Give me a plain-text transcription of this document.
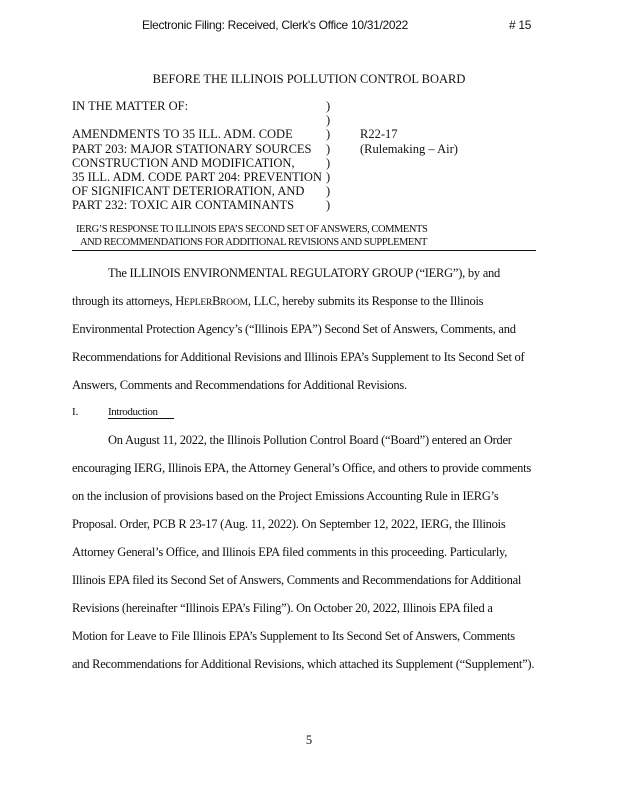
Electronic Filing: Received, Clerk's Office 10/31/2022	# 15
BEFORE THE ILLINOIS POLLUTION CONTROL BOARD
IN THE MATTER OF:
AMENDMENTS TO 35 ILL. ADM. CODE
PART 203: MAJOR STATIONARY SOURCES
CONSTRUCTION AND MODIFICATION,
35 ILL. ADM. CODE PART 204: PREVENTION
OF SIGNIFICANT DETERIORATION, AND
PART 232: TOXIC AIR CONTAMINANTS
)
)
)
)
)
)
)
)
R22-17
(Rulemaking – Air)
IERG’S RESPONSE TO ILLINOIS EPA’S SECOND SET OF ANSWERS, COMMENTS
AND RECOMMENDATIONS FOR ADDITIONAL REVISIONS AND SUPPLEMENT
The ILLINOIS ENVIRONMENTAL REGULATORY GROUP (“IERG”), by and
through its attorneys, HEPLERBROOM, LLC, hereby submits its Response to the Illinois
Environmental Protection Agency’s (“Illinois EPA”) Second Set of Answers, Comments, and
Recommendations for Additional Revisions and Illinois EPA’s Supplement to Its Second Set of
Answers, Comments and Recommendations for Additional Revisions.
I.	Introduction
On August 11, 2022, the Illinois Pollution Control Board (“Board”) entered an Order
encouraging IERG, Illinois EPA, the Attorney General’s Office, and others to provide comments
on the inclusion of provisions based on the Project Emissions Accounting Rule in IERG’s
Proposal. Order, PCB R 23-17 (Aug. 11, 2022). On September 12, 2022, IERG, the Illinois
Attorney General’s Office, and Illinois EPA filed comments in this proceeding. Particularly,
Illinois EPA filed its Second Set of Answers, Comments and Recommendations for Additional
Revisions (hereinafter “Illinois EPA’s Filing”). On October 20, 2022, Illinois EPA filed a
Motion for Leave to File Illinois EPA’s Supplement to Its Second Set of Answers, Comments
and Recommendations for Additional Revisions, which attached its Supplement (“Supplement”).
5
